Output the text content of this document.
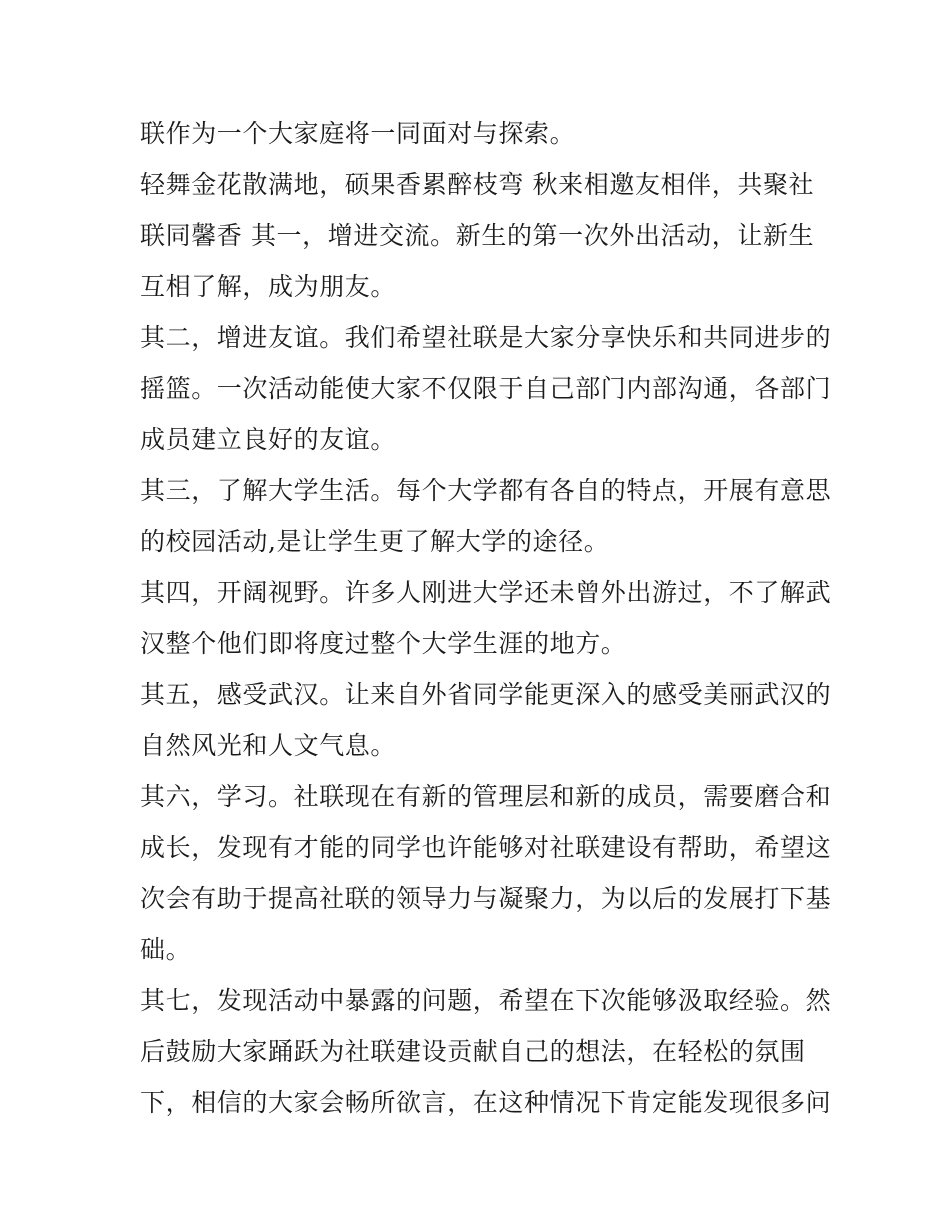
联作为一个大家庭将一同面对与探索。
轻舞金花散满地，硕果香累醉枝弯 秋来相邀友相伴，共聚社
联同馨香 其一，增进交流。新生的第一次外出活动，让新生
互相了解，成为朋友。
其二，增进友谊。我们希望社联是大家分享快乐和共同进步的
摇篮。一次活动能使大家不仅限于自己部门内部沟通，各部门
成员建立良好的友谊。
其三，了解大学生活。每个大学都有各自的特点，开展有意思
的校园活动,是让学生更了解大学的途径。
其四，开阔视野。许多人刚进大学还未曾外出游过，不了解武
汉整个他们即将度过整个大学生涯的地方。
其五，感受武汉。让来自外省同学能更深入的感受美丽武汉的
自然风光和人文气息。
其六，学习。社联现在有新的管理层和新的成员，需要磨合和
成长，发现有才能的同学也许能够对社联建设有帮助，希望这
次会有助于提高社联的领导力与凝聚力，为以后的发展打下基
础。
其七，发现活动中暴露的问题，希望在下次能够汲取经验。然
后鼓励大家踊跃为社联建设贡献自己的想法，在轻松的氛围
下，相信的大家会畅所欲言，在这种情况下肯定能发现很多问
